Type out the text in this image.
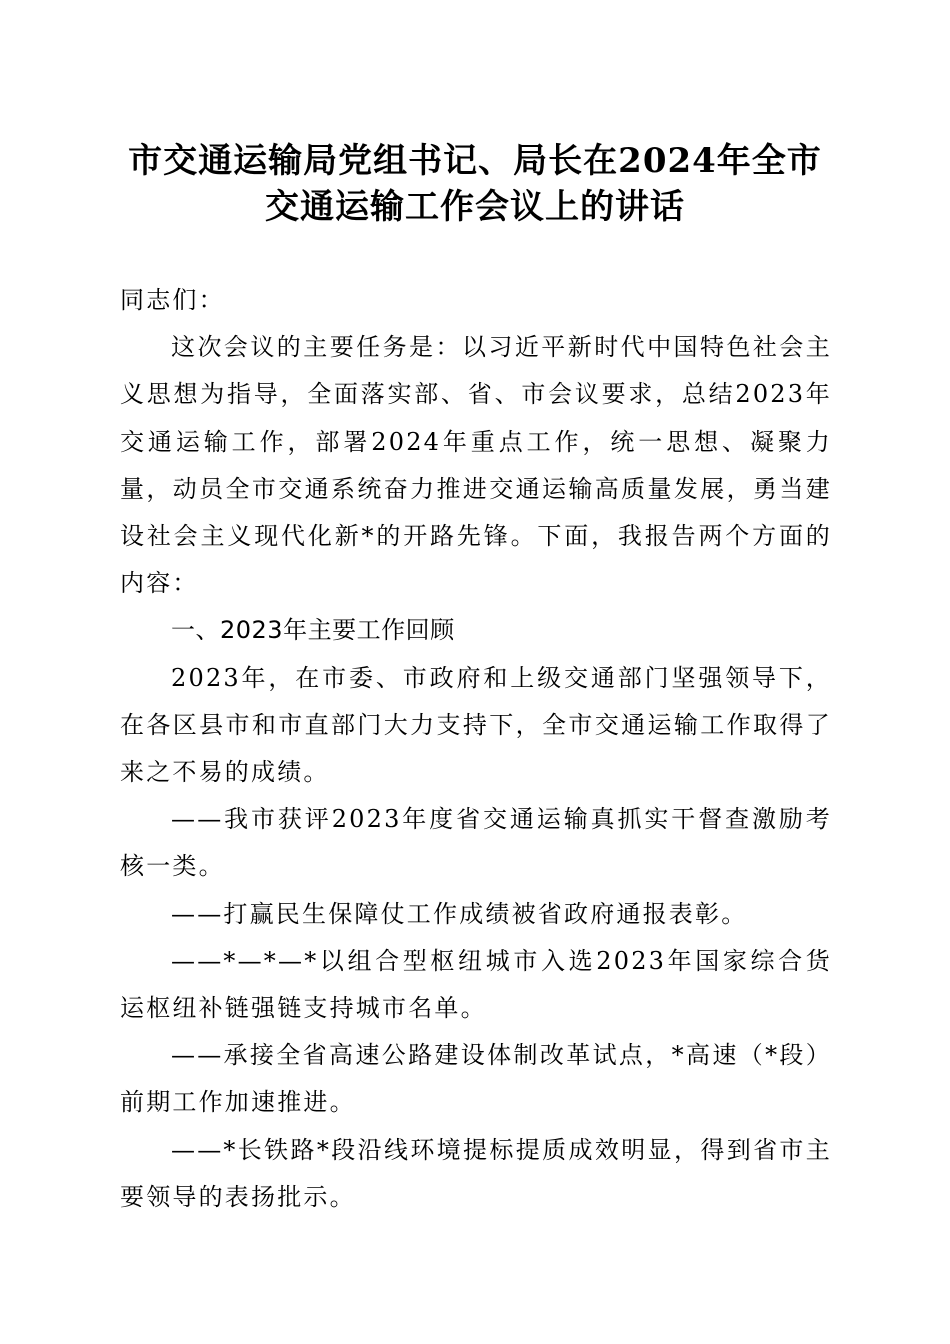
市交通运输局党组书记、局长在2024年全市
交通运输工作会议上的讲话

同志们：

这次会议的主要任务是：以习近平新时代中国特色社会主义思想为指导，全面落实部、省、市会议要求，总结2023年交通运输工作，部署2024年重点工作，统一思想、凝聚力量，动员全市交通系统奋力推进交通运输高质量发展，勇当建设社会主义现代化新*的开路先锋。下面，我报告两个方面的内容：

一、2023年主要工作回顾

2023年，在市委、市政府和上级交通部门坚强领导下，在各区县市和市直部门大力支持下，全市交通运输工作取得了来之不易的成绩。

——我市获评2023年度省交通运输真抓实干督查激励考核一类。

——打赢民生保障仗工作成绩被省政府通报表彰。

——*—*—*以组合型枢纽城市入选2023年国家综合货运枢纽补链强链支持城市名单。

——承接全省高速公路建设体制改革试点，*高速（*段）前期工作加速推进。

——*长铁路*段沿线环境提标提质成效明显，得到省市主要领导的表扬批示。
